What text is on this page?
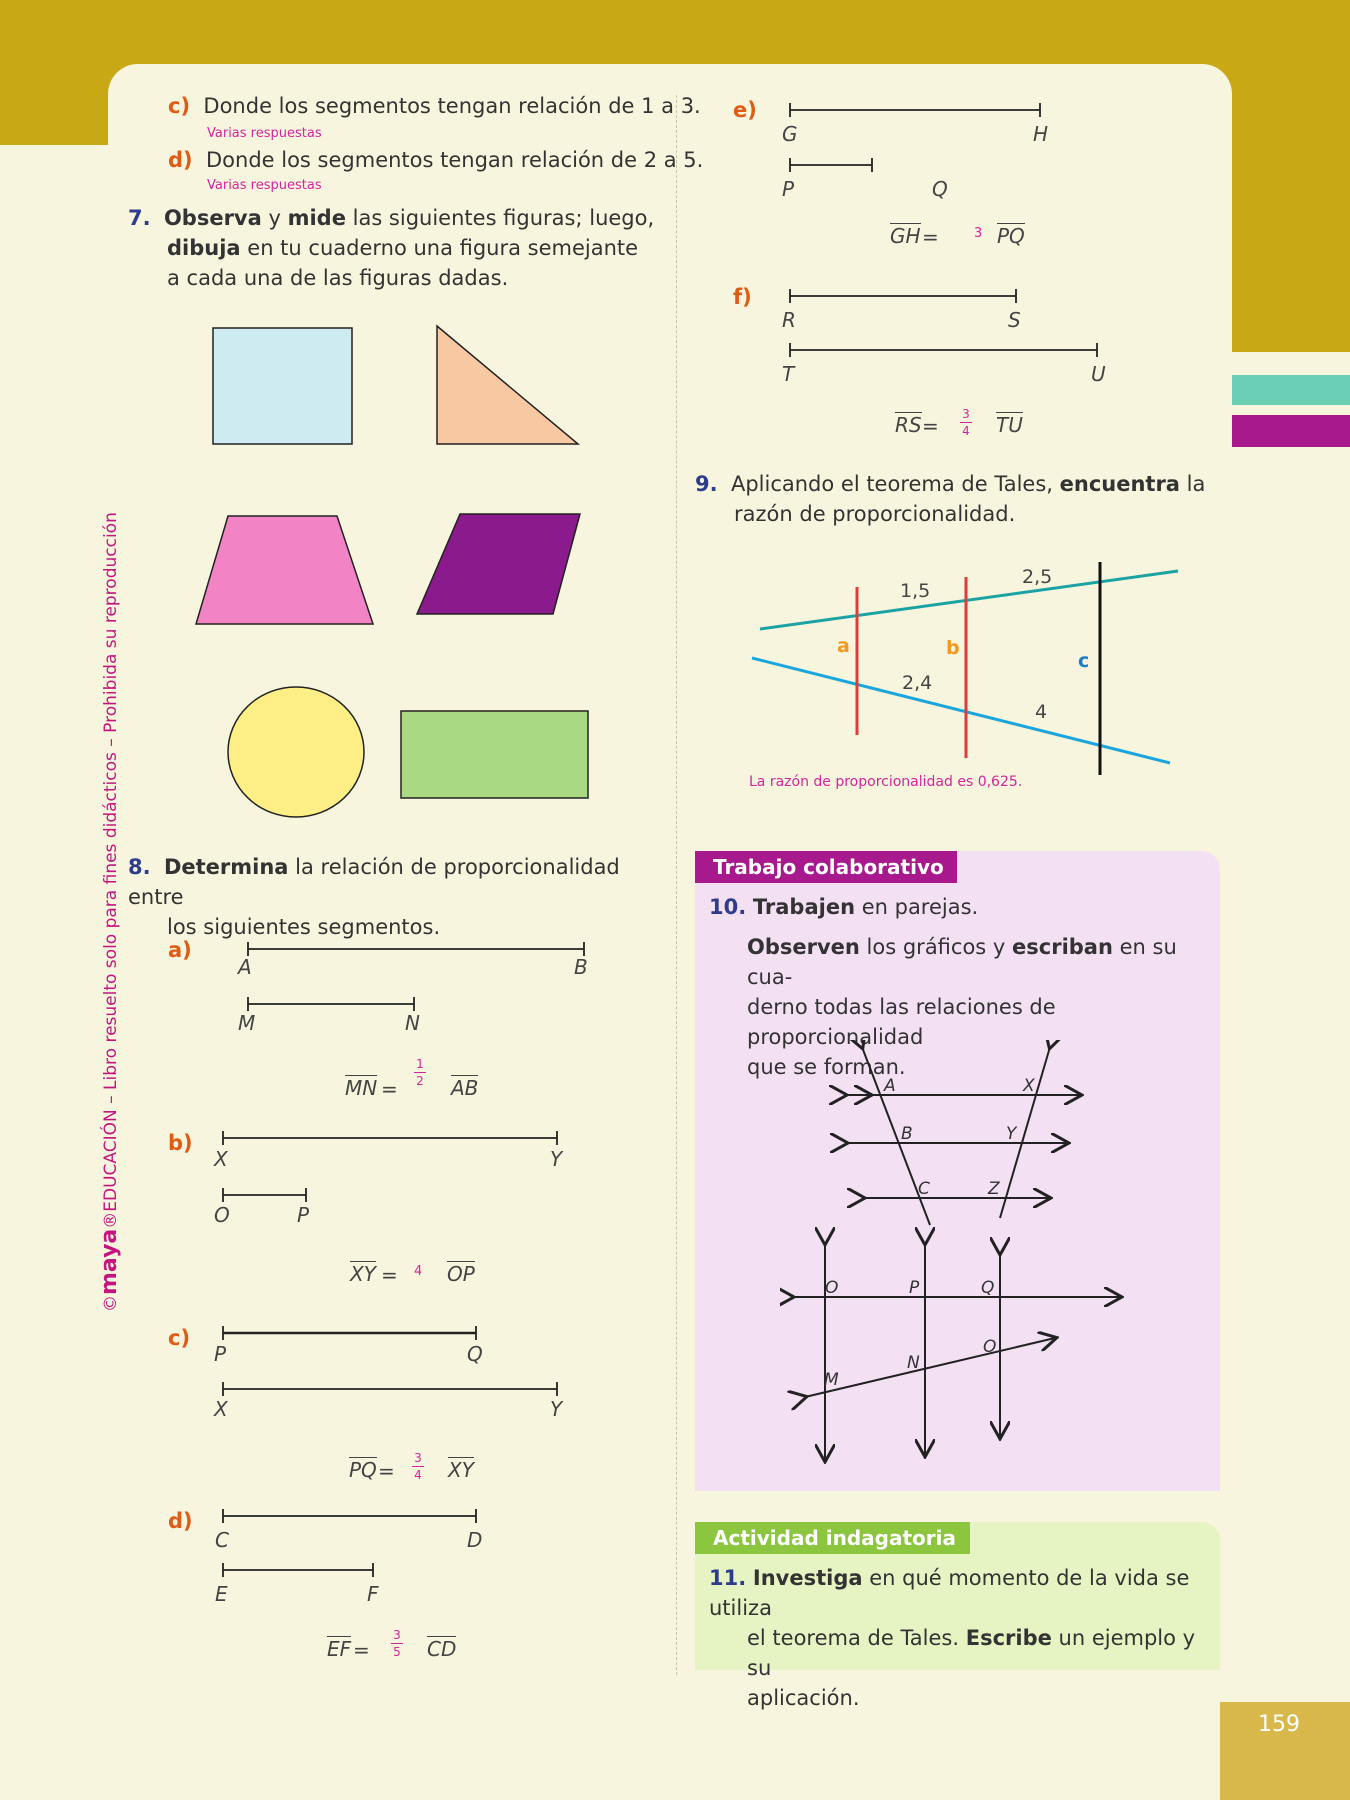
©maya®EDUCACIÓN – Libro resuelto solo para fines didácticos – Prohibida su reproducción
c) Donde los segmentos tengan relación de 1 a 3.
Varias respuestas
d) Donde los segmentos tengan relación de 2 a 5.
Varias respuestas
7. Observa y mide las siguientes figuras; luego,
dibuja en tu cuaderno una figura semejante
a cada una de las figuras dadas.
8. Determina la relación de proporcionalidad entre
los siguientes segmentos.
a)
A	B
M	N
MN =
1
2 AB
b)
X	Y
O	P
XY = 4 OP
c)
P	Q
X	Y
PQ =
3
4 XY
d)
C	D
E	F
EF =
3
5 CD
e)
G	H
P	Q
GH =	3 PQ
f)
R	S
T	U
RS = 3
4 TU
9. Aplicando el teorema de Tales, encuentra la
razón de proporcionalidad.
1,5
2,5
2,4
4
a	b
c
La razón de proporcionalidad es 0,625.
Trabajo colaborativo
10. Trabajen en parejas.
Observen los gráficos y escriban en su cua-
derno todas las relaciones de proporcionalidad
que se forman.
A	X
B	Y
C	Z
O	P	Q
O
N
M
Actividad indagatoria
11. Investiga en qué momento de la vida se utiliza
el teorema de Tales. Escribe un ejemplo y su
aplicación.
159
